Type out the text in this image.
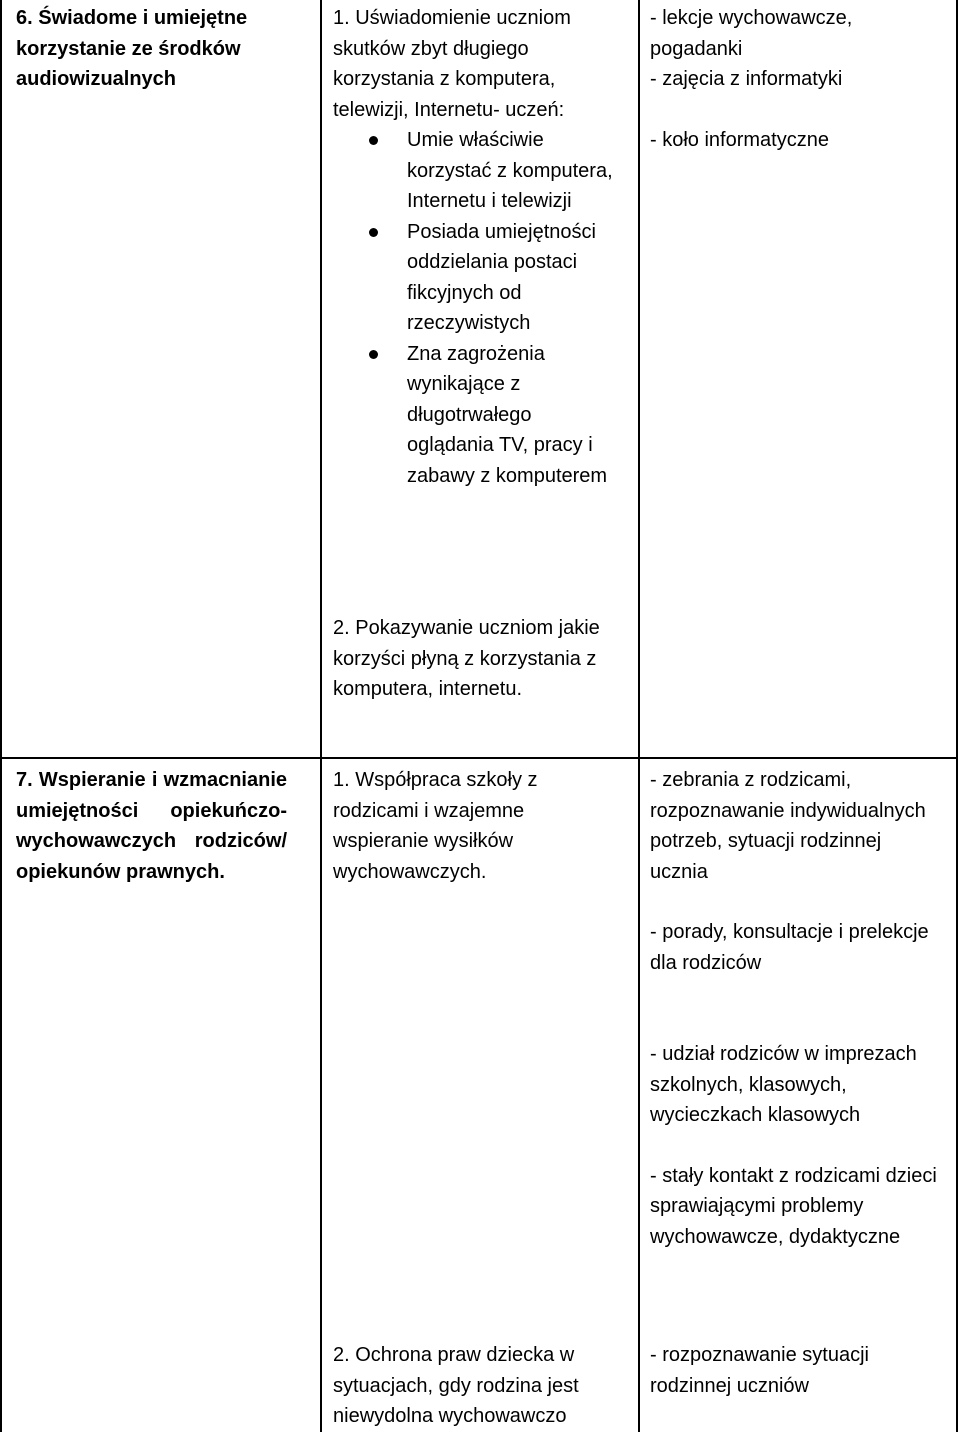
6. Świadome i umiejętne korzystanie ze środków audiowizualnych

1. Uświadomienie uczniom skutków zbyt długiego korzystania z komputera, telewizji, Internetu- uczeń:

Umie właściwie korzystać z komputera, Internetu i telewizji
Posiada umiejętności oddzielania postaci fikcyjnych od rzeczywistych
Zna zagrożenia wynikające z długotrwałego oglądania TV, pracy i zabawy z komputerem
2. Pokazywanie uczniom jakie korzyści płyną z korzystania z komputera, internetu.

- lekcje wychowawcze, pogadanki

- zajęcia z informatyki

- koło informatyczne

7. Wspieranie i wzmacnianie umiejętności opiekuńczo- wychowawczych rodziców/ opiekunów prawnych.
1. Współpraca szkoły z rodzicami i wzajemne wspieranie wysiłków wychowawczych.
2. Ochrona praw dziecka w sytuacjach, gdy rodzina jest niewydolna wychowawczo

- zebrania z rodzicami, rozpoznawanie indywidualnych potrzeb, sytuacji rodzinnej ucznia

- porady, konsultacje i prelekcje dla rodziców

- udział rodziców w imprezach szkolnych, klasowych, wycieczkach klasowych

- stały kontakt z rodzicami dzieci sprawiającymi problemy wychowawcze, dydaktyczne

- rozpoznawanie sytuacji rodzinnej uczniów
